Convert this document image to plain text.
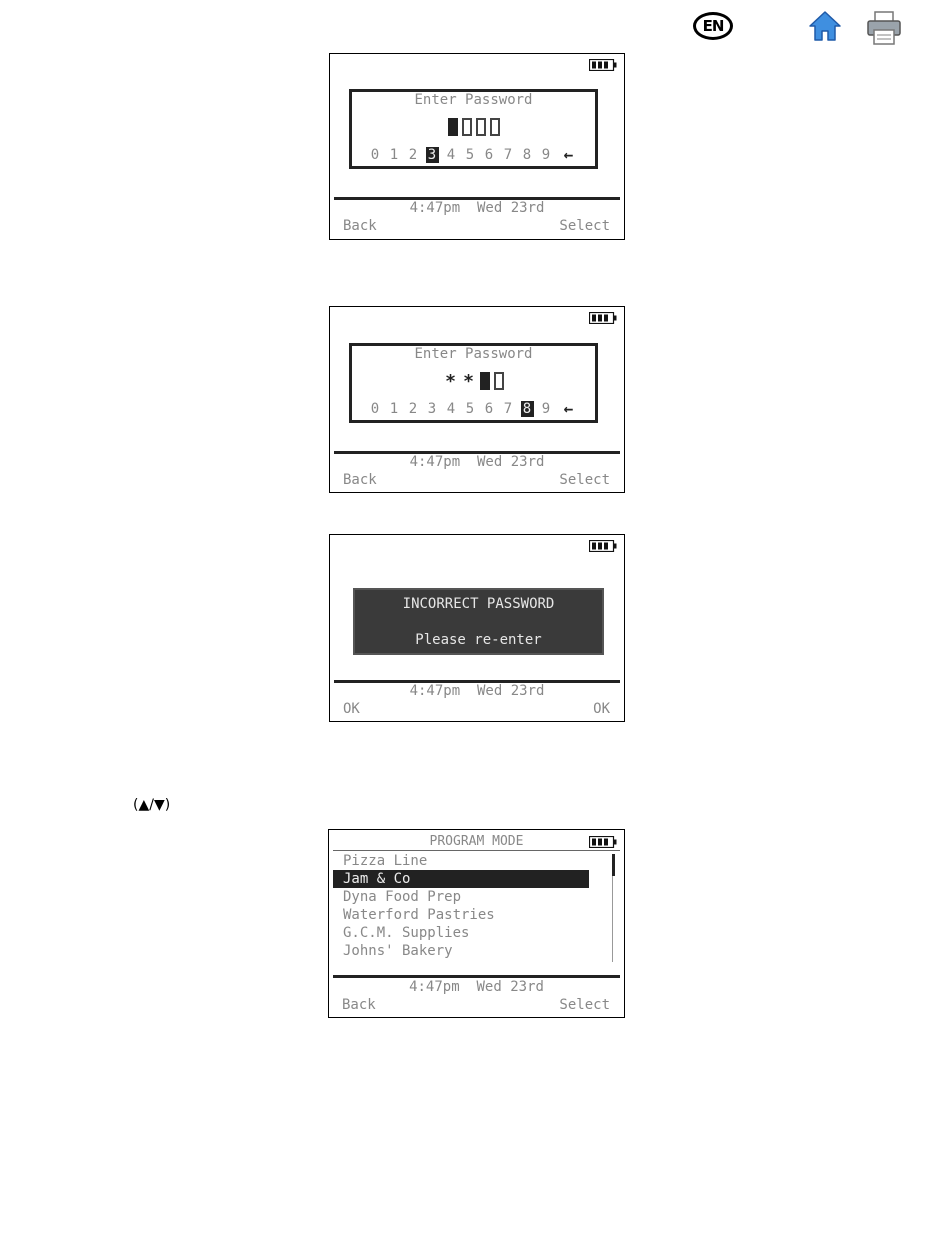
EN
Enter Password
0 1 2 3 4 5 6 7 8 9 ←
4:47pm  Wed 23rd
Back	Select
Enter Password
* *
0 1 2 3 4 5 6 7 8 9 ←
4:47pm  Wed 23rd
Back	Select
INCORRECT PASSWORD
Please re-enter
4:47pm  Wed 23rd
OK	OK
(▲/▼)
PROGRAM MODE
Pizza Line
Jam & Co
Dyna Food Prep
Waterford Pastries
G.C.M. Supplies
Johns' Bakery
4:47pm  Wed 23rd
Back	Select
